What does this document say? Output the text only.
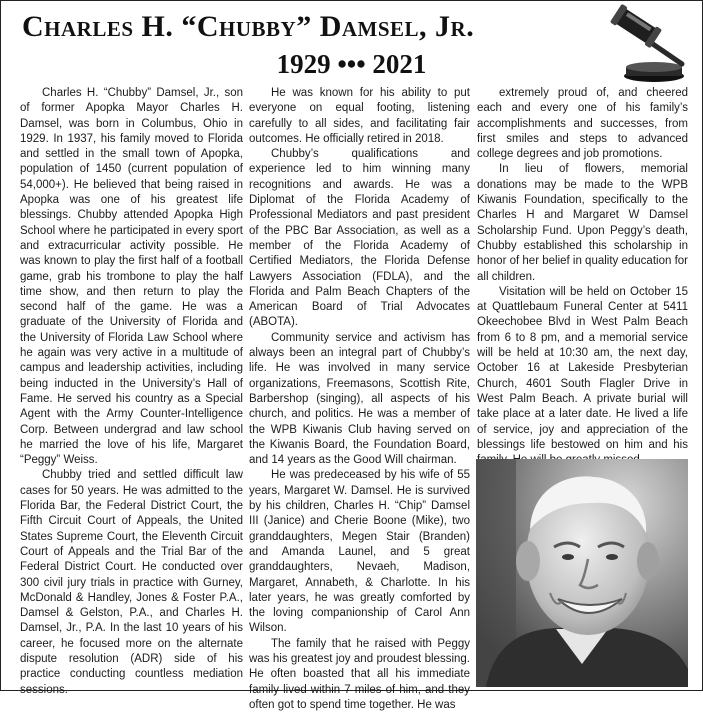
Charles H. “Chubby” Damsel, Jr.
1929 ••• 2021

Charles H. “Chubby” Damsel, Jr., son of former Apopka Mayor Charles H. Damsel, was born in Columbus, Ohio in 1929. In 1937, his family moved to Florida and settled in the small town of Apopka, population of 1450 (current population of 54,000+). He believed that being raised in Apopka was one of his greatest life blessings. Chubby attended Apopka High School where he participated in every sport and extracurricular activity possible. He was known to play the first half of a football game, grab his trombone to play the half time show, and then return to play the second half of the game. He was a graduate of the University of Florida and the University of Florida Law School where he again was very active in a multitude of campus and leadership activities, including being inducted in the University’s Hall of Fame. He served his country as a Special Agent with the Army Counter-Intelligence Corp. Between undergrad and law school he married the love of his life, Margaret “Peggy” Weiss.

Chubby tried and settled difficult law cases for 50 years. He was admitted to the Florida Bar, the Federal District Court, the Fifth Circuit Court of Appeals, the United States Supreme Court, the Eleventh Circuit Court of Appeals and the Trial Bar of the Federal District Court. He conducted over 300 civil jury trials in practice with Gurney, McDonald & Handley, Jones & Foster P.A., Damsel & Gelston, P.A., and Charles H. Damsel, Jr., P.A. In the last 10 years of his career, he focused more on the alternate dispute resolution (ADR) side of his practice conducting countless mediation sessions.

He was known for his ability to put everyone on equal footing, listening carefully to all sides, and facilitating fair outcomes. He officially retired in 2018.

Chubby’s qualifications and experience led to him winning many recognitions and awards. He was a Diplomat of the Florida Academy of Professional Mediators and past president of the PBC Bar Association, as well as a member of the Florida Academy of Certified Mediators, the Florida Defense Lawyers Association (FDLA), and the Florida and Palm Beach Chapters of the American Board of Trial Advocates (ABOTA).

Community service and activism has always been an integral part of Chubby’s life. He was involved in many service organizations, Freemasons, Scottish Rite, Barbershop (singing), all aspects of his church, and politics. He was a member of the WPB Kiwanis Club having served on the Kiwanis Board, the Foundation Board, and 14 years as the Good Will chairman.

He was predeceased by his wife of 55 years, Margaret W. Damsel. He is survived by his children, Charles H. “Chip” Damsel III (Janice) and Cherie Boone (Mike), two granddaughters, Megen Stair (Branden) and Amanda Launel, and 5 great granddaughters, Nevaeh, Madison, Margaret, Annabeth, & Charlotte. In his later years, he was greatly comforted by the loving companionship of Carol Ann Wilson.

The family that he raised with Peggy was his greatest joy and proudest blessing. He often boasted that all his immediate family lived within 7 miles of him, and they often got to spend time together. He was

extremely proud of, and cheered each and every one of his family’s accomplishments and successes, from first smiles and steps to advanced college degrees and job promotions.

In lieu of flowers, memorial donations may be made to the WPB Kiwanis Foundation, specifically to the Charles H and Margaret W Damsel Scholarship Fund. Upon Peggy’s death, Chubby established this scholarship in honor of her belief in quality education for all children.

Visitation will be held on October 15 at Quattlebaum Funeral Center at 5411 Okeechobee Blvd in West Palm Beach from 6 to 8 pm, and a memorial service will be held at 10:30 am, the next day, October 16 at Lakeside Presbyterian Church, 4601 South Flagler Drive in West Palm Beach. A private burial will take place at a later date. He lived a life of service, joy and appreciation of the blessings life bestowed on him and his
